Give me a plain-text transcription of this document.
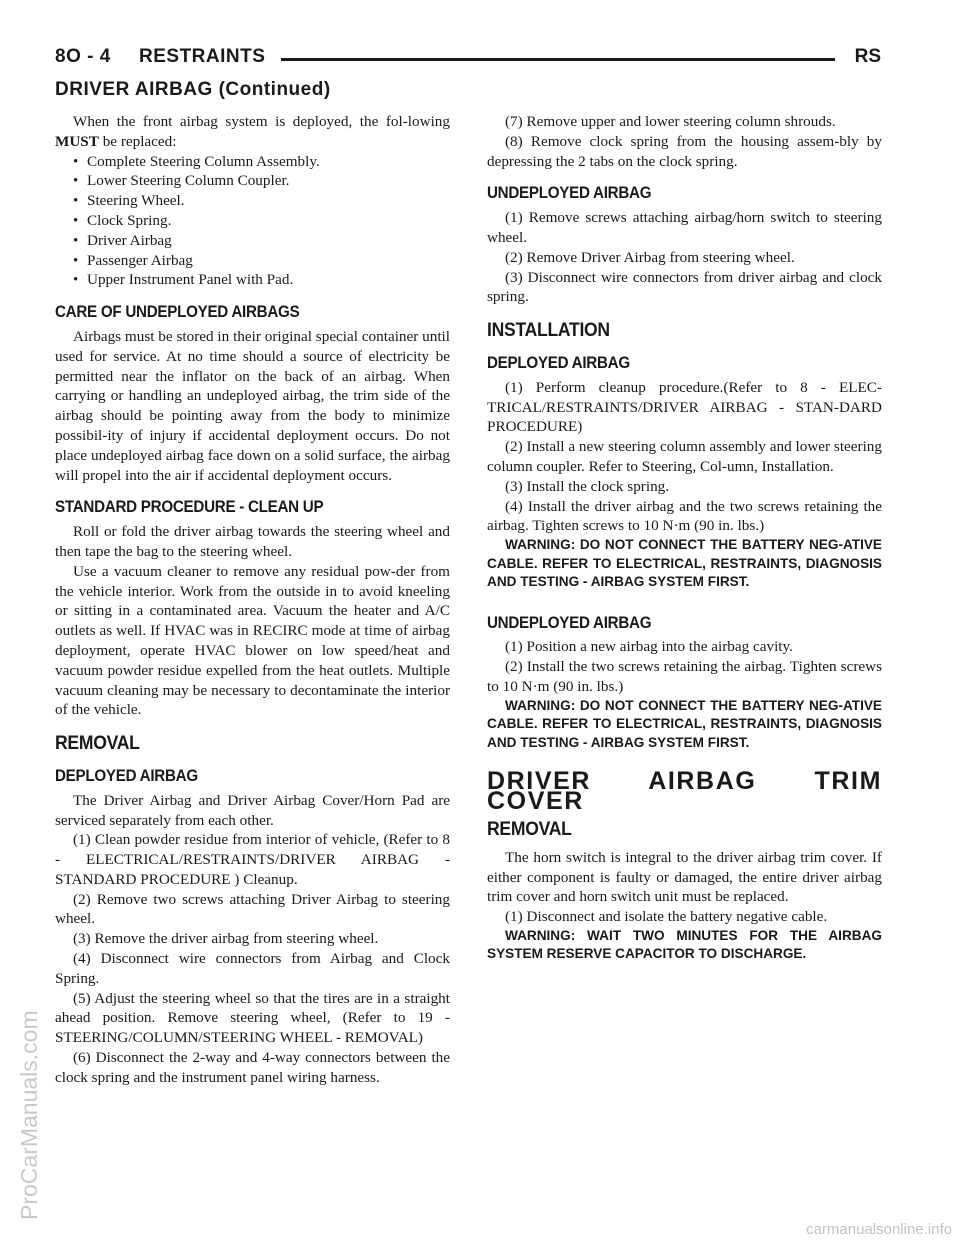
8O - 4 RESTRAINTS	RS
DRIVER AIRBAG (Continued)

When the front airbag system is deployed, the fol-lowing MUST be replaced:

• Complete Steering Column Assembly.
• Lower Steering Column Coupler.
• Steering Wheel.
• Clock Spring.
• Driver Airbag
• Passenger Airbag
• Upper Instrument Panel with Pad.
CARE OF UNDEPLOYED AIRBAGS

Airbags must be stored in their original special container until used for service. At no time should a source of electricity be permitted near the inflator on the back of an airbag. When carrying or handling an undeployed airbag, the trim side of the airbag should be pointing away from the body to minimize possibil-ity of injury if accidental deployment occurs. Do not place undeployed airbag face down on a solid surface, the airbag will propel into the air if accidental deployment occurs.

STANDARD PROCEDURE - CLEAN UP

Roll or fold the driver airbag towards the steering wheel and then tape the bag to the steering wheel.

Use a vacuum cleaner to remove any residual pow-der from the vehicle interior. Work from the outside in to avoid kneeling or sitting in a contaminated area. Vacuum the heater and A/C outlets as well. If HVAC was in RECIRC mode at time of airbag deployment, operate HVAC blower on low speed/heat and vacuum powder residue expelled from the heat outlets. Multiple vacuum cleaning may be necessary to decontaminate the interior of the vehicle.

REMOVAL
DEPLOYED AIRBAG

The Driver Airbag and Driver Airbag Cover/Horn Pad are serviced separately from each other.

(1) Clean powder residue from interior of vehicle, (Refer to 8 - ELECTRICAL/RESTRAINTS/DRIVER AIRBAG - STANDARD PROCEDURE ) Cleanup.

(2) Remove two screws attaching Driver Airbag to steering wheel.

(3) Remove the driver airbag from steering wheel.

(4) Disconnect wire connectors from Airbag and Clock Spring.

(5) Adjust the steering wheel so that the tires are in a straight ahead position. Remove steering wheel, (Refer to 19 - STEERING/COLUMN/STEERING WHEEL - REMOVAL)

(6) Disconnect the 2-way and 4-way connectors between the clock spring and the instrument panel wiring harness.

(7) Remove upper and lower steering column shrouds.

(8) Remove clock spring from the housing assem-bly by depressing the 2 tabs on the clock spring.

UNDEPLOYED AIRBAG

(1) Remove screws attaching airbag/horn switch to steering wheel.

(2) Remove Driver Airbag from steering wheel.

(3) Disconnect wire connectors from driver airbag and clock spring.

INSTALLATION
DEPLOYED AIRBAG

(1) Perform cleanup procedure.(Refer to 8 - ELEC-TRICAL/RESTRAINTS/DRIVER AIRBAG - STAN-DARD PROCEDURE)

(2) Install a new steering column assembly and lower steering column coupler. Refer to Steering, Col-umn, Installation.

(3) Install the clock spring.

(4) Install the driver airbag and the two screws retaining the airbag. Tighten screws to 10 N·m (90 in. lbs.)

WARNING: DO NOT CONNECT THE BATTERY NEG-ATIVE CABLE. REFER TO ELECTRICAL, RESTRAINTS, DIAGNOSIS AND TESTING - AIRBAG SYSTEM FIRST.

UNDEPLOYED AIRBAG

(1) Position a new airbag into the airbag cavity.

(2) Install the two screws retaining the airbag. Tighten screws to 10 N·m (90 in. lbs.)

WARNING: DO NOT CONNECT THE BATTERY NEG-ATIVE CABLE. REFER TO ELECTRICAL, RESTRAINTS, DIAGNOSIS AND TESTING - AIRBAG SYSTEM FIRST.

DRIVER AIRBAG TRIM COVER
REMOVAL

The horn switch is integral to the driver airbag trim cover. If either component is faulty or damaged, the entire driver airbag trim cover and horn switch unit must be replaced.

(1) Disconnect and isolate the battery negative cable.

WARNING: WAIT TWO MINUTES FOR THE AIRBAG SYSTEM RESERVE CAPACITOR TO DISCHARGE.

ProCarManuals.com
carmanualsonline.info
